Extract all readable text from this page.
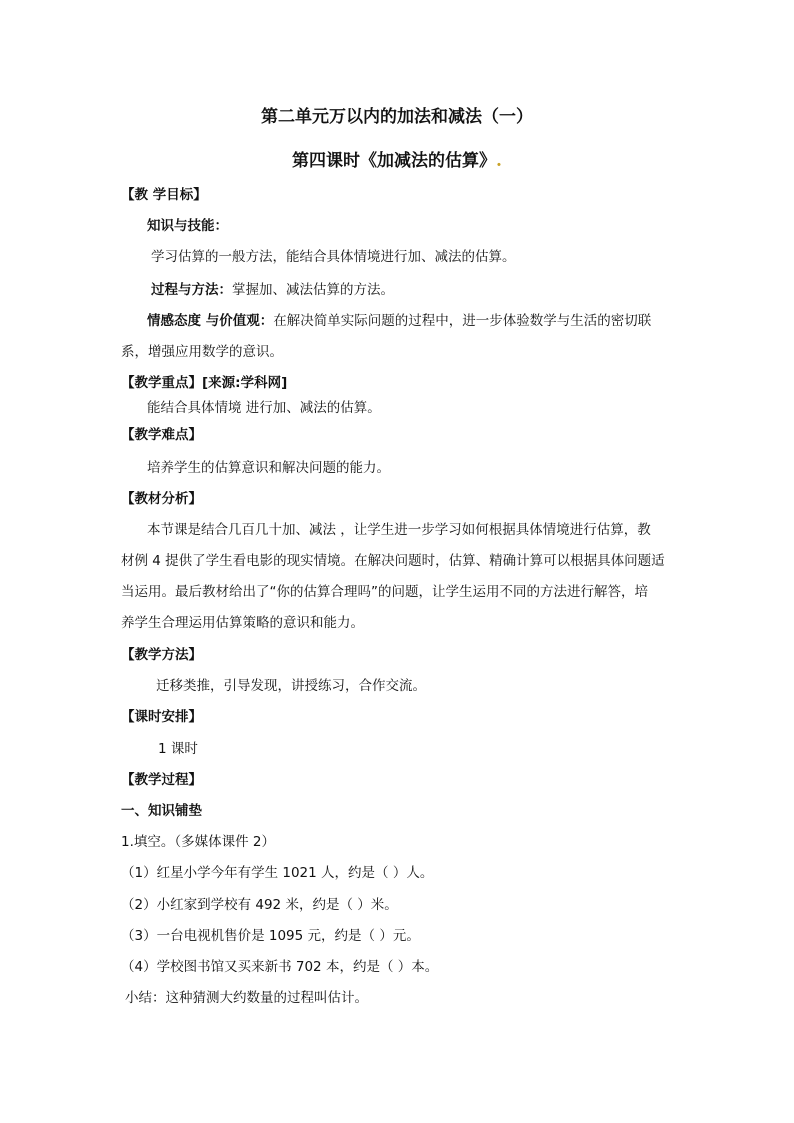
第二单元万以内的加法和减法（一）
第四课时《加减法的估算》.
【教 学目标】
知识与技能：
学习估算的一般方法，能结合具体情境进行加、减法的估算。
过程与方法：掌握加、减法估算的方法。
情感态度 与价值观：在解决简单实际问题的过程中，进一步体验数学与生活的密切联
系，增强应用数学的意识。
【教学重点】[来源:学科网]
能结合具体情境 进行加、减法的估算。
【教学难点】
培养学生的估算意识和解决问题的能力。
【教材分析】
本节课是结合几百几十加、减法 ，让学生进一步学习如何根据具体情境进行估算，教
材例 4 提供了学生看电影的现实情境。在解决问题时，估算、精确计算可以根据具体问题适
当运用。最后教材给出了“你的估算合理吗”的问题，让学生运用不同的方法进行解答，培
养学生合理运用估算策略的意识和能力。
【教学方法】
迁移类推，引导发现，讲授练习，合作交流。
【课时安排】
1 课时
【教学过程】
一、知识铺垫
1.填空。（多媒体课件 2）
（1）红星小学今年有学生 1021 人，约是（ ）人。
（2）小红家到学校有 492 米，约是（ ）米。
（3）一台电视机售价是 1095 元，约是（ ）元。
（4）学校图书馆又买来新书 702 本，约是（ ）本。
小结：这种猜测大约数量的过程叫估计。
